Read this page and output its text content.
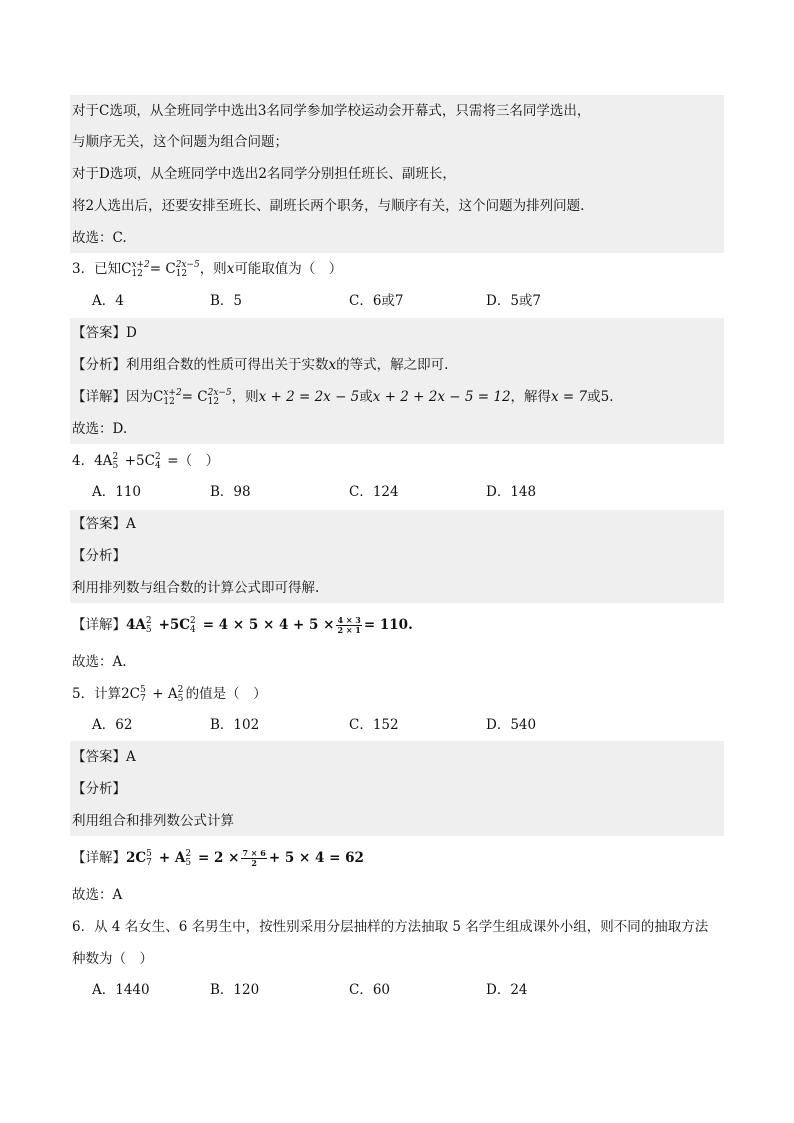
对于C选项，从全班同学中选出3名同学参加学校运动会开幕式，只需将三名同学选出，
与顺序无关，这个问题为组合问题；
对于D选项，从全班同学中选出2名同学分别担任班长、副班长，
将2人选出后，还要安排至班长、副班长两个职务，与顺序有关，这个问题为排列问题.
故选：C.
3．已知C x+2
12 = C 2x−5
12 ，则x可能取值为（　）
A．4	B．5	C．6或7	D．5或7
【答案】D
【分析】利用组合数的性质可得出关于实数x的等式，解之即可.
【详解】因为C x+2
12 = C 2x−5
12 ，则x + 2 = 2x − 5或x + 2 + 2x − 5 = 12，解得x = 7或5.
故选：D.
4．4A 2
5 +5C 2
4 =（　）
A．110	B．98	C．124	D．148
【答案】A
【分析】
利用排列数与组合数的计算公式即可得解.
【详解】4A 2
5 +5C 2
$4 = 4 \times 5 \times 4 + 5 \times \frac{4 \times 3}{2 \times 1} = 110$.
故选：A.
5．计算2C 5
7 + A 2
5 的值是（　）
A．62	B．102	C．152	D．540
【答案】A
【分析】
利用组合和排列数公式计算
【详解】2C 5
7 + A 2
$5 = 2 \times \frac{7 \times 6}{2} + 5 \times 4 = 62$
故选：A
6．从 4 名女生、6 名男生中，按性别采用分层抽样的方法抽取 5 名学生组成课外小组，则不同的抽取方法
种数为（　）
A．1440	B．120	C．60	D．24
